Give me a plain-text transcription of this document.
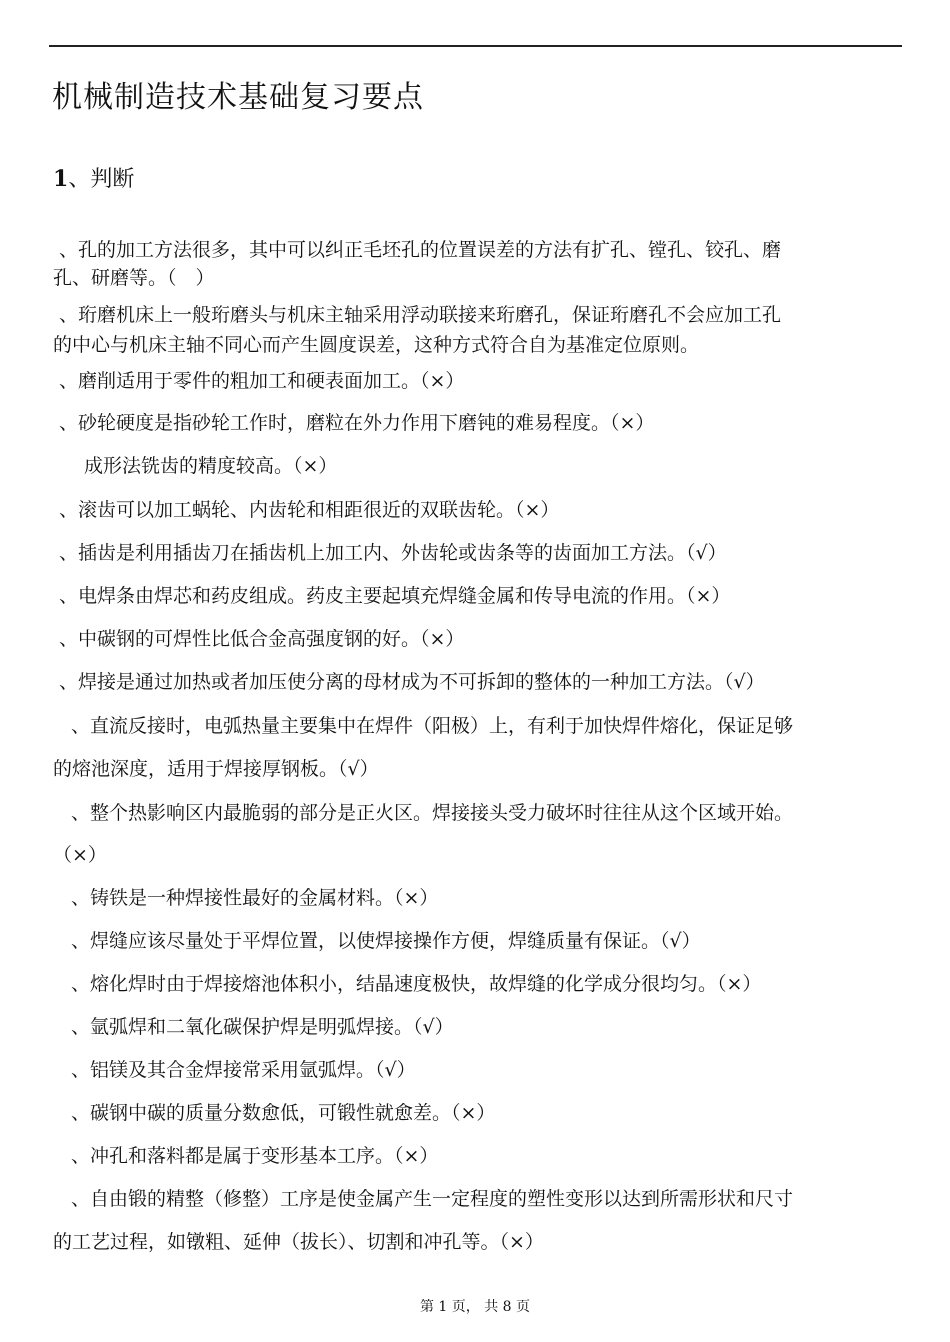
机械制造技术基础复习要点
1、判断

、孔的加工方法很多，其中可以纠正毛坯孔的位置误差的方法有扩孔、镗孔、铰孔、磨

孔、研磨等。（　）

、珩磨机床上一般珩磨头与机床主轴采用浮动联接来珩磨孔，保证珩磨孔不会应加工孔

的中心与机床主轴不同心而产生圆度误差，这种方式符合自为基准定位原则。

、磨削适用于零件的粗加工和硬表面加工。（×）

、砂轮硬度是指砂轮工作时，磨粒在外力作用下磨钝的难易程度。（×）

成形法铣齿的精度较高。（×）

、滚齿可以加工蜗轮、内齿轮和相距很近的双联齿轮。（×）

、插齿是利用插齿刀在插齿机上加工内、外齿轮或齿条等的齿面加工方法。（√）

、电焊条由焊芯和药皮组成。药皮主要起填充焊缝金属和传导电流的作用。（×）

、中碳钢的可焊性比低合金高强度钢的好。（×）

、焊接是通过加热或者加压使分离的母材成为不可拆卸的整体的一种加工方法。（√）

、直流反接时，电弧热量主要集中在焊件（阳极）上，有利于加快焊件熔化，保证足够

的熔池深度，适用于焊接厚钢板。（√）

、整个热影响区内最脆弱的部分是正火区。焊接接头受力破坏时往往从这个区域开始。

（×）

、铸铁是一种焊接性最好的金属材料。（×）

、焊缝应该尽量处于平焊位置，以使焊接操作方便，焊缝质量有保证。（√）

、熔化焊时由于焊接熔池体积小，结晶速度极快，故焊缝的化学成分很均匀。（×）

、氩弧焊和二氧化碳保护焊是明弧焊接。（√）

、铝镁及其合金焊接常采用氩弧焊。（√）

、碳钢中碳的质量分数愈低，可锻性就愈差。（×）

、冲孔和落料都是属于变形基本工序。（×）

、自由锻的精整（修整）工序是使金属产生一定程度的塑性变形以达到所需形状和尺寸

的工艺过程，如镦粗、延伸（拔长）、切割和冲孔等。（×）

第 1 页， 共 8 页
